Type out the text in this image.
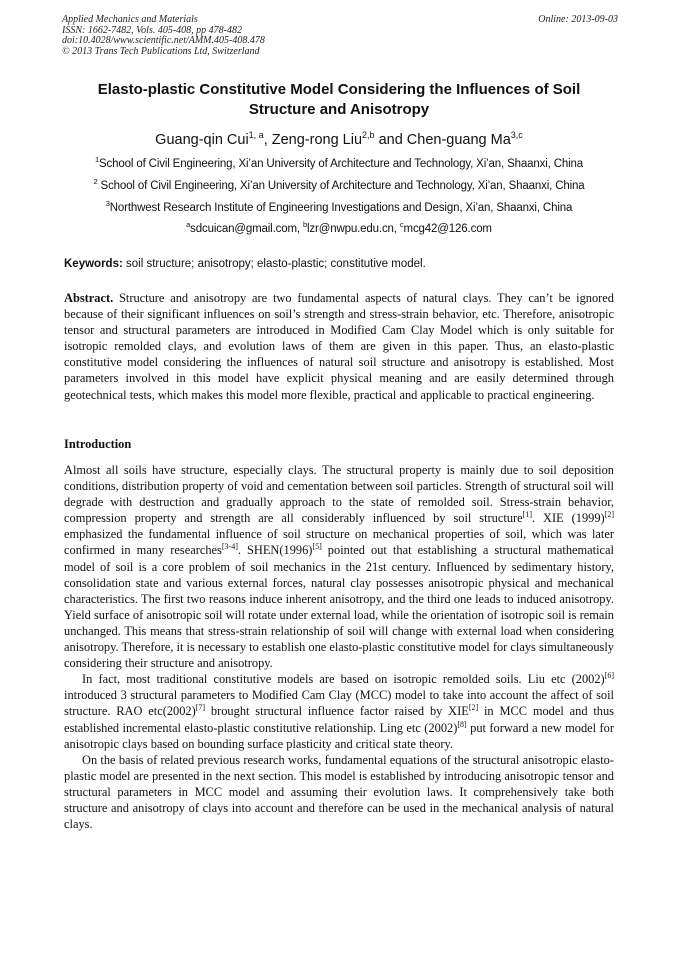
Applied Mechanics and Materials
ISSN: 1662-7482, Vols. 405-408, pp 478-482
doi:10.4028/www.scientific.net/AMM.405-408.478
© 2013 Trans Tech Publications Ltd, Switzerland
Online: 2013-09-03
Elasto-plastic Constitutive Model Considering the Influences of Soil
Structure and Anisotropy
Guang-qin Cui$^{1, a}$, Zeng-rong Liu$^{2,b}$ and Chen-guang Ma$^{3,c}$
$^1$School of Civil Engineering, Xi’an University of Architecture and Technology, Xi’an, Shaanxi, China
$^2$ School of Civil Engineering, Xi’an University of Architecture and Technology, Xi’an, Shaanxi, China
$^3$Northwest Research Institute of Engineering Investigations and Design, Xi’an, Shaanxi, China
$^a$sdcuican@gmail.com, $^b$lzr@nwpu.edu.cn, $^c$mcg42@126.com
Keywords: soil structure; anisotropy; elasto-plastic; constitutive model.

Abstract. Structure and anisotropy are two fundamental aspects of natural clays. They can’t be ignored because of their significant influences on soil’s strength and stress-strain behavior, etc. Therefore, anisotropic tensor and structural parameters are introduced in Modified Cam Clay Model which is only suitable for isotropic remolded clays, and evolution laws of them are given in this paper. Thus, an elasto-plastic constitutive model considering the influences of natural soil structure and anisotropy is established. Most parameters involved in this model have explicit physical meaning and are easily determined through geotechnical tests, which makes this model more flexible, practical and applicable to practical engineering.

Introduction

Almost all soils have structure, especially clays. The structural property is mainly due to soil deposition conditions, distribution property of void and cementation between soil particles. Strength of structural soil will degrade with destruction and gradually approach to the state of remolded soil. Stress-strain behavior, compression property and strength are all considerably influenced by soil structure[1]. XIE (1999)[2] emphasized the fundamental influence of soil structure on mechanical properties of soil, which was later confirmed in many researches[3-4]. SHEN(1996)[5] pointed out that establishing a structural mathematical model of soil is a core problem of soil mechanics in the 21st century. Influenced by sedimentary history, consolidation state and various external forces, natural clay possesses anisotropic physical and mechanical characteristics. The first two reasons induce inherent anisotropy, and the third one leads to induced anisotropy. Yield surface of anisotropic soil will rotate under external load, while the orientation of isotropic soil is remain unchanged. This means that stress-strain relationship of soil will change with external load when considering anisotropy. Therefore, it is necessary to establish one elasto-plastic constitutive model for clays simultaneously considering their structure and anisotropy.

In fact, most traditional constitutive models are based on isotropic remolded soils. Liu etc (2002)[6] introduced 3 structural parameters to Modified Cam Clay (MCC) model to take into account the affect of soil structure. RAO etc(2002)[7] brought structural influence factor raised by XIE[2] in MCC model and thus established incremental elasto-plastic constitutive relationship. Ling etc (2002)[8] put forward a new model for anisotropic clays based on bounding surface plasticity and critical state theory.

On the basis of related previous research works, fundamental equations of the structural anisotropic elasto-plastic model are presented in the next section. This model is established by introducing anisotropic tensor and structural parameters in MCC model and assuming their evolution laws. It comprehensively take both structure and anisotropy of clays into account and therefore can be used in the mechanical analysis of natural clays.
